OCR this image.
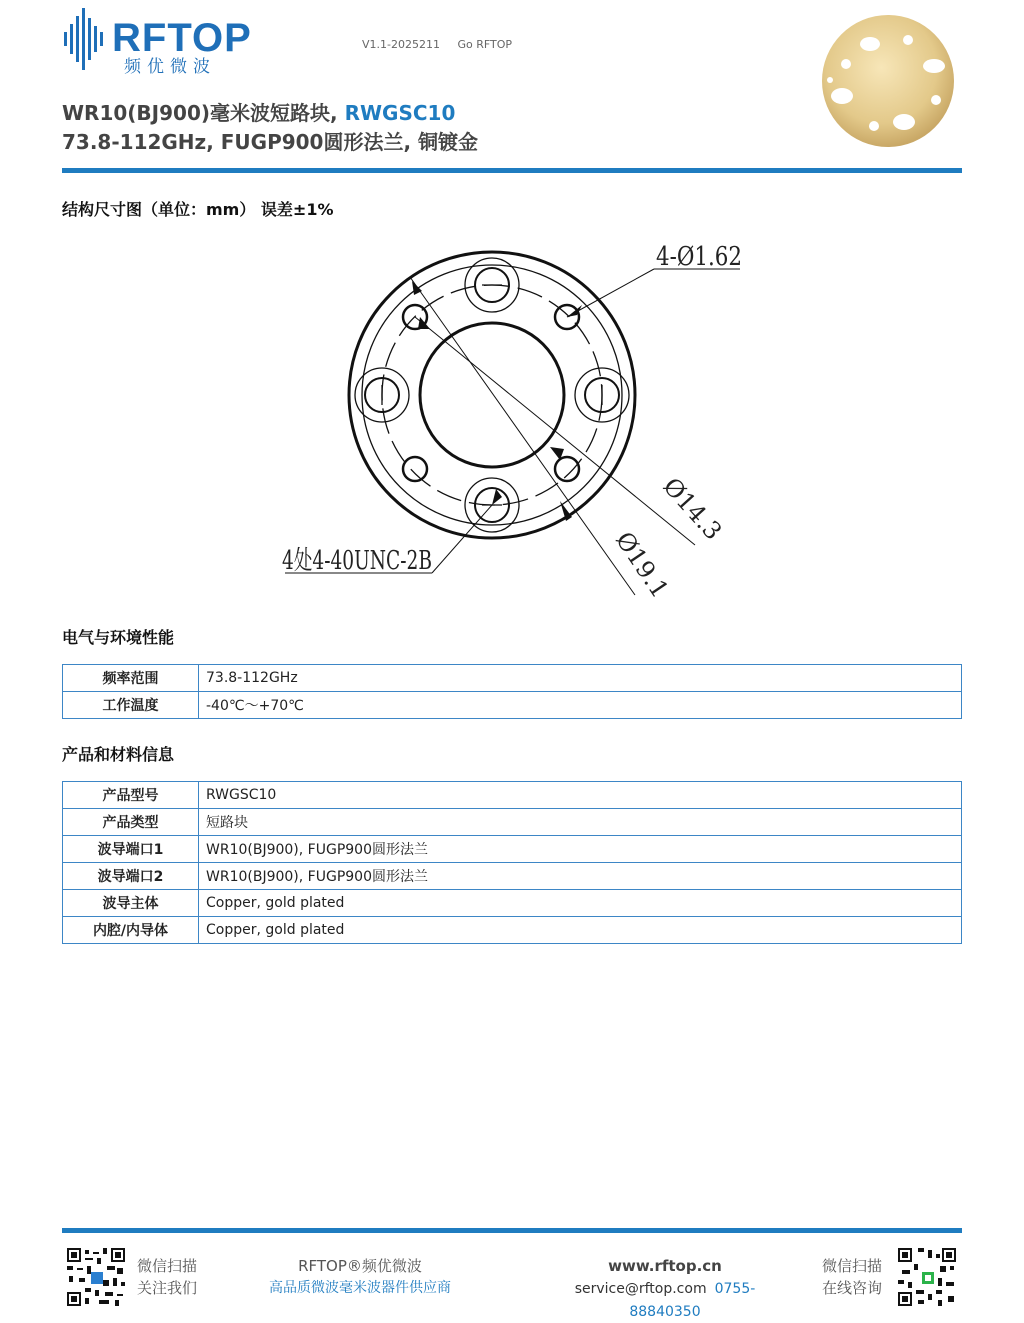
RFTOP
频优微波
V1.1-2025211 Go RFTOP
WR10(BJ900)毫米波短路块, RWGSC10
73.8-112GHz, FUGP900圆形法兰, 铜镀金
结构尺寸图（单位：mm） 误差±1%
4-Ø1.62
4处4-40UNC-2B
Ø14.3
Ø19.1
电气与环境性能
频率范围	73.8-112GHz
工作温度	-40℃～+70℃
产品和材料信息
产品型号	RWGSC10
产品类型	短路块
波导端口1	WR10(BJ900), FUGP900圆形法兰
波导端口2	WR10(BJ900), FUGP900圆形法兰
波导主体	Copper, gold plated
内腔/内导体	Copper, gold plated
微信扫描
关注我们
RFTOP®频优微波
高品质微波毫米波器件供应商
www.rftop.cn
service@rftop.com 0755-88840350
微信扫描
在线咨询
